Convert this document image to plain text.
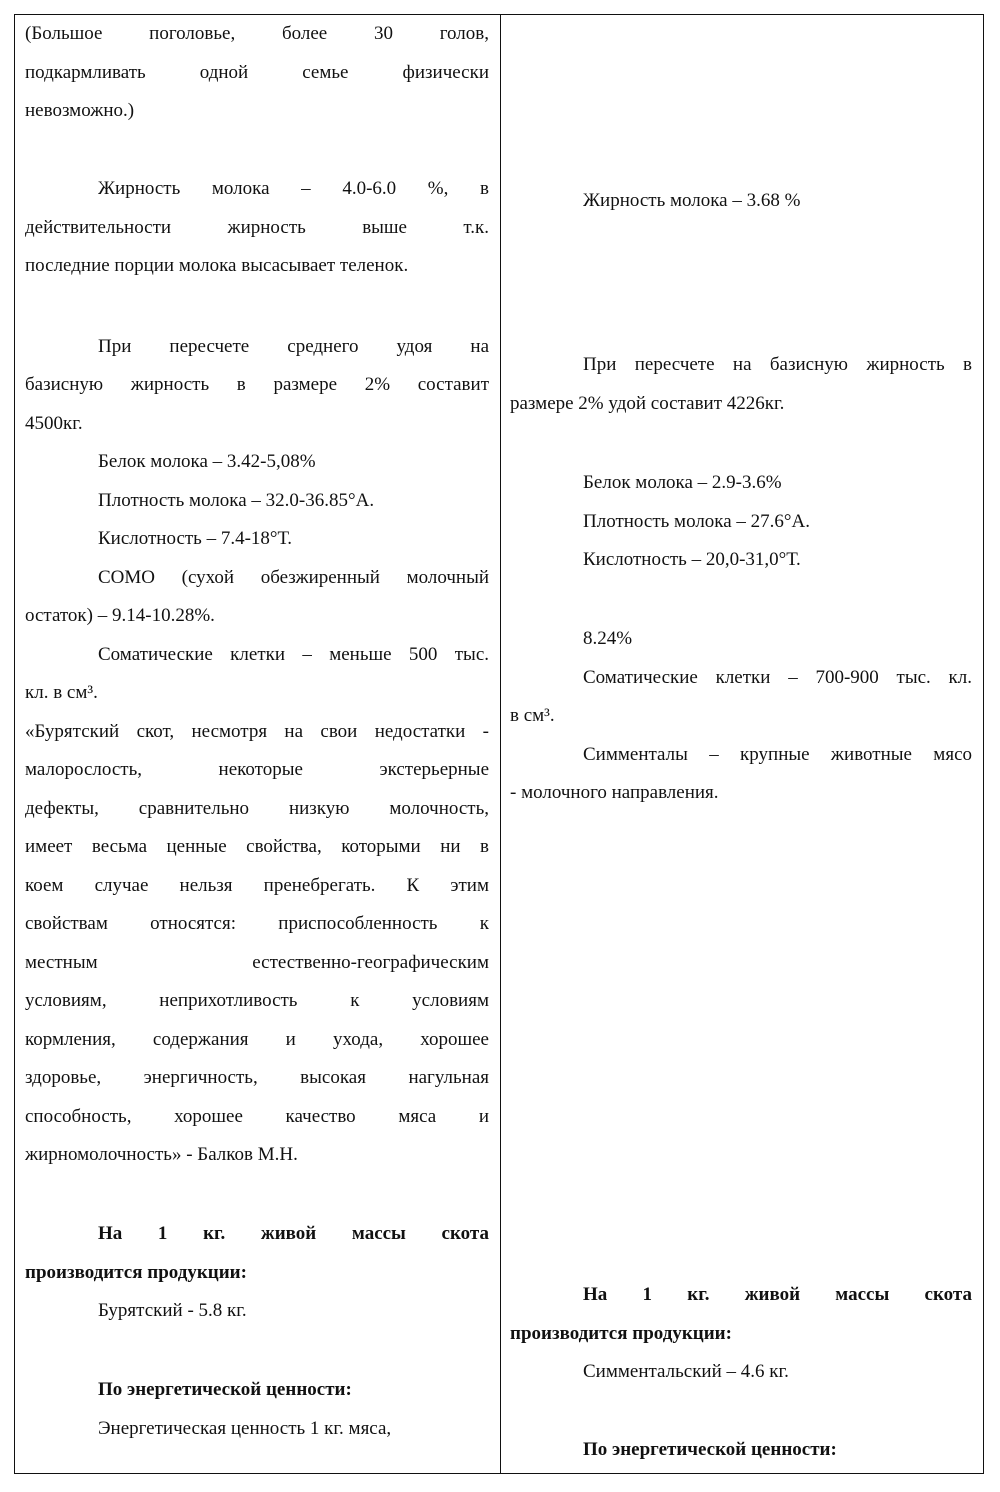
(Большое поголовье, более 30 голов,
подкармливать одной семье физически
невозможно.)
Жирность молока – 4.0-6.0 %, в
действительности жирность выше т.к.
последние порции молока высасывает теленок.
При пересчете среднего удоя на
базисную жирность в размере 2% составит
4500кг.
Белок молока – 3.42-5,08%
Плотность молока – 32.0-36.85°А.
Кислотность – 7.4-18°Т.
СОМО (сухой обезжиренный молочный
остаток) – 9.14-10.28%.
Соматические клетки – меньше 500 тыс.
кл. в см³.
«Бурятский скот, несмотря на свои недостатки -
малорослость, некоторые экстерьерные
дефекты, сравнительно низкую молочность,
имеет весьма ценные свойства, которыми ни в
коем случае нельзя пренебрегать. К этим
свойствам относятся: приспособленность к
местным естественно-географическим
условиям, неприхотливость к условиям
кормления, содержания и ухода, хорошее
здоровье, энергичность, высокая нагульная
способность, хорошее качество мяса и
жирномолочность» - Балков М.Н.
На 1 кг. живой массы скота
производится продукции:
Бурятский - 5.8 кг.
По энергетической ценности:
Энергетическая ценность 1 кг. мяса,
Жирность молока – 3.68 %
При пересчете на базисную жирность в
размере 2% удой составит 4226кг.
Белок молока – 2.9-3.6%
Плотность молока – 27.6°А.
Кислотность – 20,0-31,0°Т.
8.24%
Соматические клетки – 700-900 тыс. кл.
в см³.
Симменталы – крупные животные мясо
- молочного направления.
На 1 кг. живой массы скота
производится продукции:
Симментальский – 4.6 кг.
По энергетической ценности:
